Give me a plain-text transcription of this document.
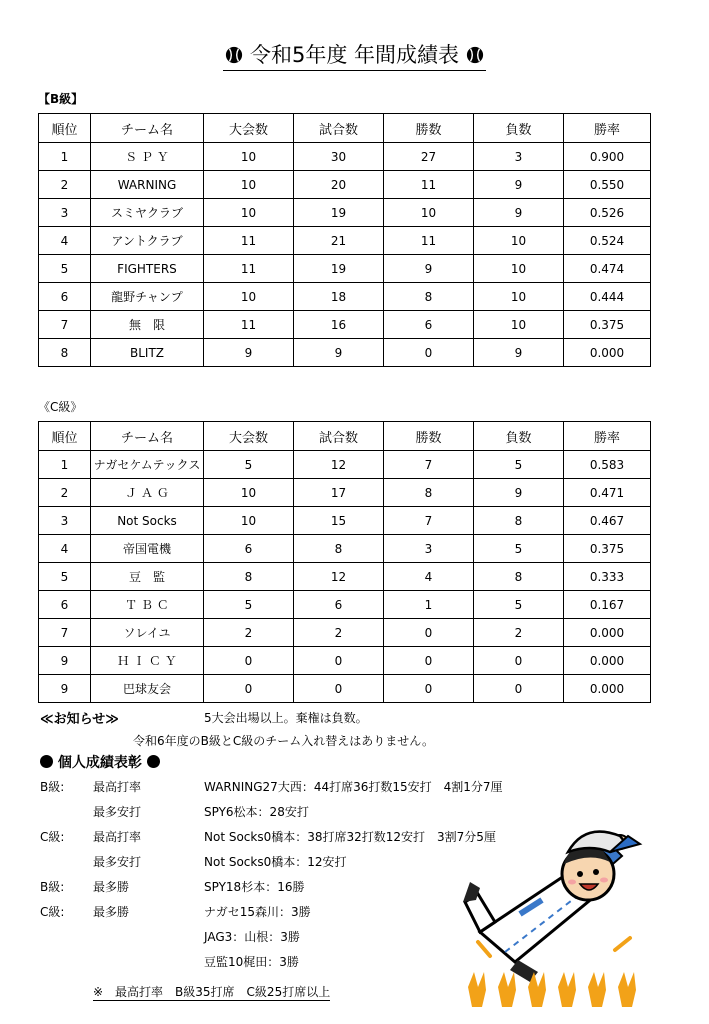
令和5年度 年間成績表
【B級】
順位	チーム名	大会数	試合数	勝数	負数	勝率
1	Ｓ Ｐ Ｙ	10	30	27	3	0.900
2	WARNING	10	20	11	9	0.550
3	スミヤクラブ	10	19	10	9	0.526
4	アントクラブ	11	21	11	10	0.524
5	FIGHTERS	11	19	9	10	0.474
6	龍野チャンプ	10	18	8	10	0.444
7	無　限	11	16	6	10	0.375
8	BLITZ	9	9	0	9	0.000
《C級》
順位	チーム名	大会数	試合数	勝数	負数	勝率
1	ナガセケムテックス	5	12	7	5	0.583
2	Ｊ Ａ Ｇ	10	17	8	9	0.471
3	Not Socks	10	15	7	8	0.467
4	帝国電機	6	8	3	5	0.375
5	豆　監	8	12	4	8	0.333
6	Ｔ Ｂ Ｃ	5	6	1	5	0.167
7	ソレイユ	2	2	0	2	0.000
9	Ｈ Ｉ Ｃ Ｙ	0	0	0	0	0.000
9	巴球友会	0	0	0	0	0.000
≪お知らせ≫	5大会出場以上。棄権は負数。
令和6年度のB級とC級のチーム入れ替えはありません。
個人成績表彰
B級: 最高打率	WARNING27大西：44打席36打数15安打　4割1分7厘
最多安打	SPY6松本：28安打
C級: 最高打率	Not Socks0橋本：38打席32打数12安打　3割7分5厘
最多安打	Not Socks0橋本：12安打
B級: 最多勝	SPY18杉本：16勝
C級: 最多勝	ナガセ15森川：3勝
JAG3：山根：3勝
豆監10梶田：3勝
※　最高打率　B級35打席　C級25打席以上
